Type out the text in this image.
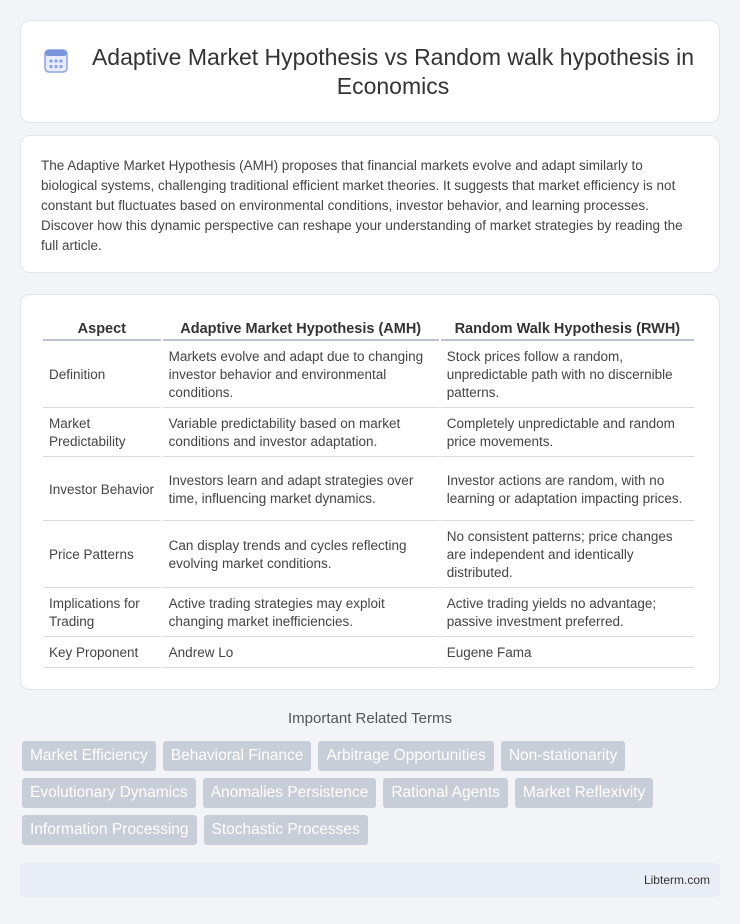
Adaptive Market Hypothesis vs Random walk hypothesis in Economics

The Adaptive Market Hypothesis (AMH) proposes that financial markets evolve and adapt similarly to biological systems, challenging traditional efficient market theories. It suggests that market efficiency is not constant but fluctuates based on environmental conditions, investor behavior, and learning processes. Discover how this dynamic perspective can reshape your understanding of market strategies by reading the full article.

Aspect	Adaptive Market Hypothesis (AMH)	Random Walk Hypothesis (RWH)
Definition	Markets evolve and adapt due to changing investor behavior and environmental conditions.	Stock prices follow a random, unpredictable path with no discernible patterns.
Market Predictability	Variable predictability based on market conditions and investor adaptation.	Completely unpredictable and random price movements.
Investor Behavior	Investors learn and adapt strategies over time, influencing market dynamics.	Investor actions are random, with no learning or adaptation impacting prices.
Price Patterns	Can display trends and cycles reflecting evolving market conditions.	No consistent patterns; price changes are independent and identically distributed.
Implications for Trading	Active trading strategies may exploit changing market inefficiencies.	Active trading yields no advantage; passive investment preferred.
Key Proponent	Andrew Lo	Eugene Fama
Important Related Terms
Market Efficiency	Behavioral Finance	Arbitrage Opportunities	Non-stationarity
Evolutionary Dynamics	Anomalies Persistence	Rational Agents	Market Reflexivity
Information Processing	Stochastic Processes
Libterm.com
